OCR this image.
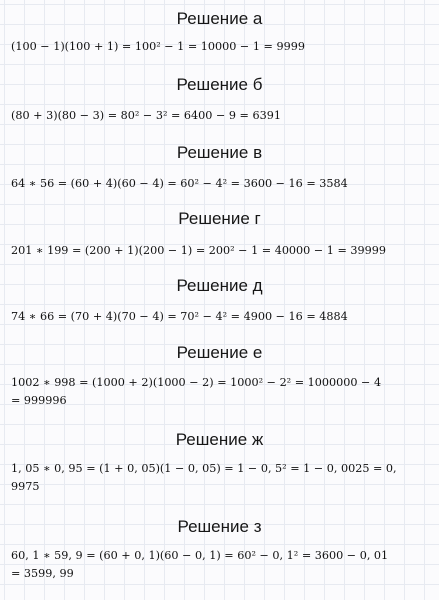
Решение а
(100 − 1)(100 + 1) = 100² − 1 = 10000 − 1 = 9999
Решение б
(80 + 3)(80 − 3) = 80² − 3² = 6400 − 9 = 6391
Решение в
64 ∗ 56 = (60 + 4)(60 − 4) = 60² − 4² = 3600 − 16 = 3584
Решение г
201 ∗ 199 = (200 + 1)(200 − 1) = 200² − 1 = 40000 − 1 = 39999
Решение д
74 ∗ 66 = (70 + 4)(70 − 4) = 70² − 4² = 4900 − 16 = 4884
Решение е
1002 ∗ 998 = (1000 + 2)(1000 − 2) = 1000² − 2² = 1000000 − 4
= 999996
Решение ж
1, 05 ∗ 0, 95 = (1 + 0, 05)(1 − 0, 05) = 1 − 0, 5² = 1 − 0, 0025 = 0,
9975
Решение з
60, 1 ∗ 59, 9 = (60 + 0, 1)(60 − 0, 1) = 60² − 0, 1² = 3600 − 0, 01
= 3599, 99
